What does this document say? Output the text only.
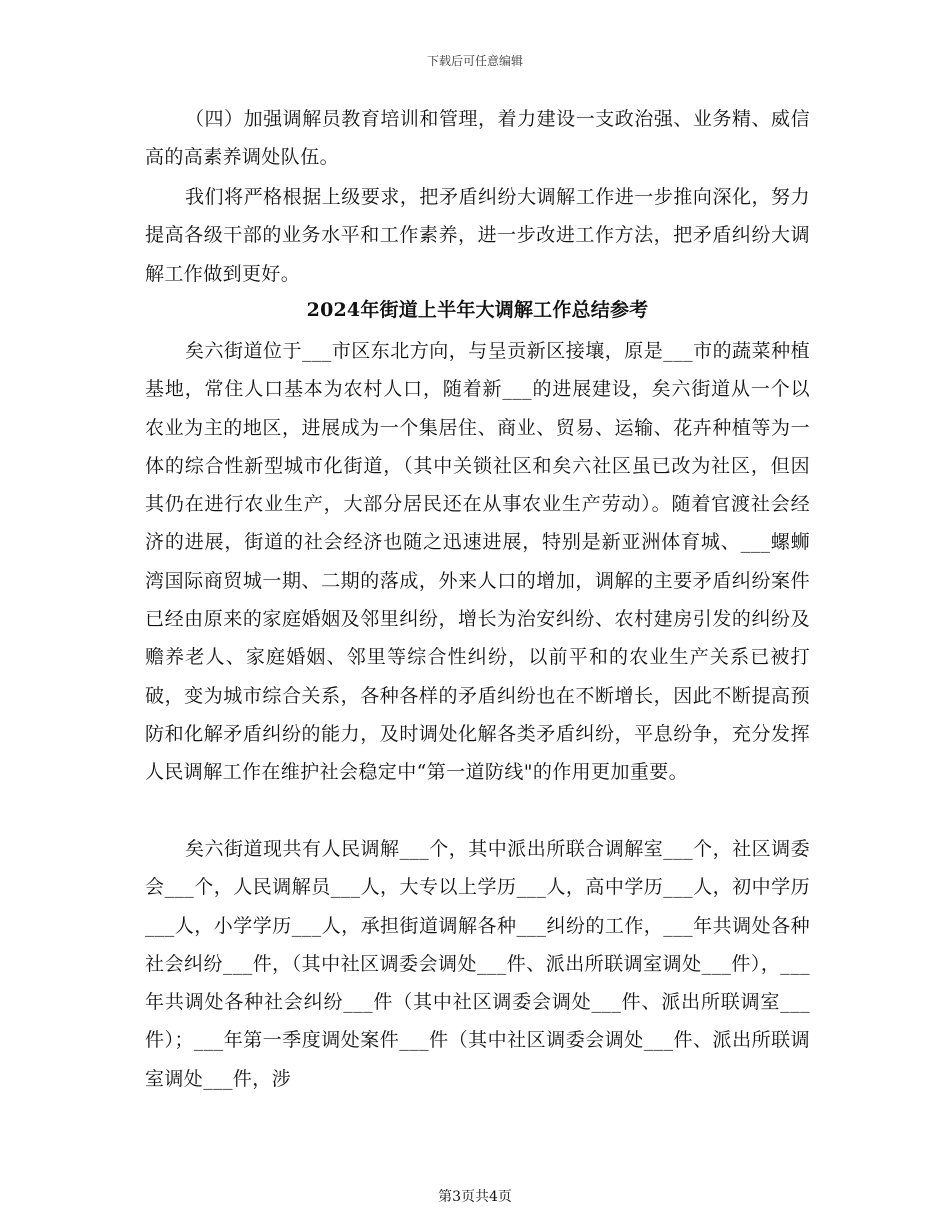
下载后可任意编辑

（四）加强调解员教育培训和管理，着力建设一支政治强、业务精、威信高的高素养调处队伍。

我们将严格根据上级要求，把矛盾纠纷大调解工作进一步推向深化，努力提高各级干部的业务水平和工作素养，进一步改进工作方法，把矛盾纠纷大调解工作做到更好。

2024年街道上半年大调解工作总结参考

矣六街道位于___市区东北方向，与呈贡新区接壤，原是___市的蔬菜种植基地，常住人口基本为农村人口，随着新___的进展建设，矣六街道从一个以农业为主的地区，进展成为一个集居住、商业、贸易、运输、花卉种植等为一体的综合性新型城市化街道，（其中关锁社区和矣六社区虽已改为社区，但因其仍在进行农业生产，大部分居民还在从事农业生产劳动）。随着官渡社会经济的进展，街道的社会经济也随之迅速进展，特别是新亚洲体育城、___螺蛳湾国际商贸城一期、二期的落成，外来人口的增加，调解的主要矛盾纠纷案件已经由原来的家庭婚姻及邻里纠纷，增长为治安纠纷、农村建房引发的纠纷及赡养老人、家庭婚姻、邻里等综合性纠纷，以前平和的农业生产关系已被打破，变为城市综合关系，各种各样的矛盾纠纷也在不断增长，因此不断提高预防和化解矛盾纠纷的能力，及时调处化解各类矛盾纠纷，平息纷争，充分发挥人民调解工作在维护社会稳定中“第一道防线"的作用更加重要。

矣六街道现共有人民调解___个，其中派出所联合调解室___个，社区调委会___个，人民调解员___人，大专以上学历___人，高中学历___人，初中学历___人，小学学历___人，承担街道调解各种___纠纷的工作，___年共调处各种社会纠纷___件，（其中社区调委会调处___件、派出所联调室调处___件），___年共调处各种社会纠纷___件（其中社区调委会调处___件、派出所联调室___件）；___年第一季度调处案件___件（其中社区调委会调处___件、派出所联调室调处___件，涉

第3页共4页
